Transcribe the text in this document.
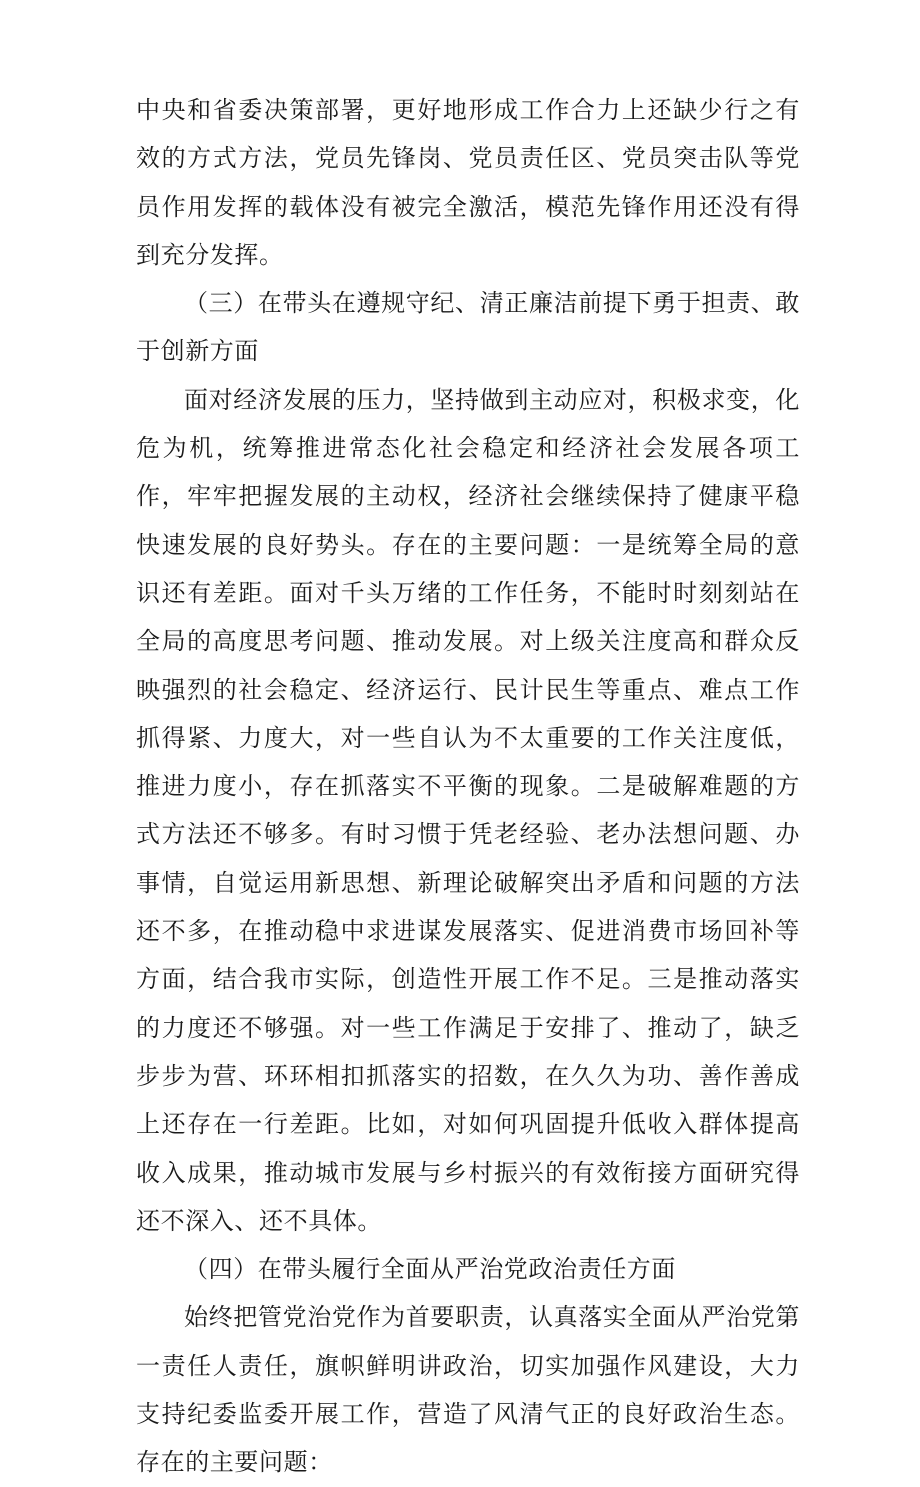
中央和省委决策部署，更好地形成工作合力上还缺少行之有效的方式方法，党员先锋岗、党员责任区、党员突击队等党员作用发挥的载体没有被完全激活，模范先锋作用还没有得到充分发挥。

（三）在带头在遵规守纪、清正廉洁前提下勇于担责、敢于创新方面

面对经济发展的压力，坚持做到主动应对，积极求变，化危为机，统筹推进常态化社会稳定和经济社会发展各项工作，牢牢把握发展的主动权，经济社会继续保持了健康平稳快速发展的良好势头。存在的主要问题：一是统筹全局的意识还有差距。面对千头万绪的工作任务，不能时时刻刻站在全局的高度思考问题、推动发展。对上级关注度高和群众反映强烈的社会稳定、经济运行、民计民生等重点、难点工作抓得紧、力度大，对一些自认为不太重要的工作关注度低，推进力度小，存在抓落实不平衡的现象。二是破解难题的方式方法还不够多。有时习惯于凭老经验、老办法想问题、办事情，自觉运用新思想、新理论破解突出矛盾和问题的方法还不多，在推动稳中求进谋发展落实、促进消费市场回补等方面，结合我市实际，创造性开展工作不足。三是推动落实的力度还不够强。对一些工作满足于安排了、推动了，缺乏步步为营、环环相扣抓落实的招数，在久久为功、善作善成上还存在一行差距。比如，对如何巩固提升低收入群体提高收入成果，推动城市发展与乡村振兴的有效衔接方面研究得还不深入、还不具体。

（四）在带头履行全面从严治党政治责任方面

始终把管党治党作为首要职责，认真落实全面从严治党第一责任人责任，旗帜鲜明讲政治，切实加强作风建设，大力支持纪委监委开展工作，营造了风清气正的良好政治生态。存在的主要问题：
